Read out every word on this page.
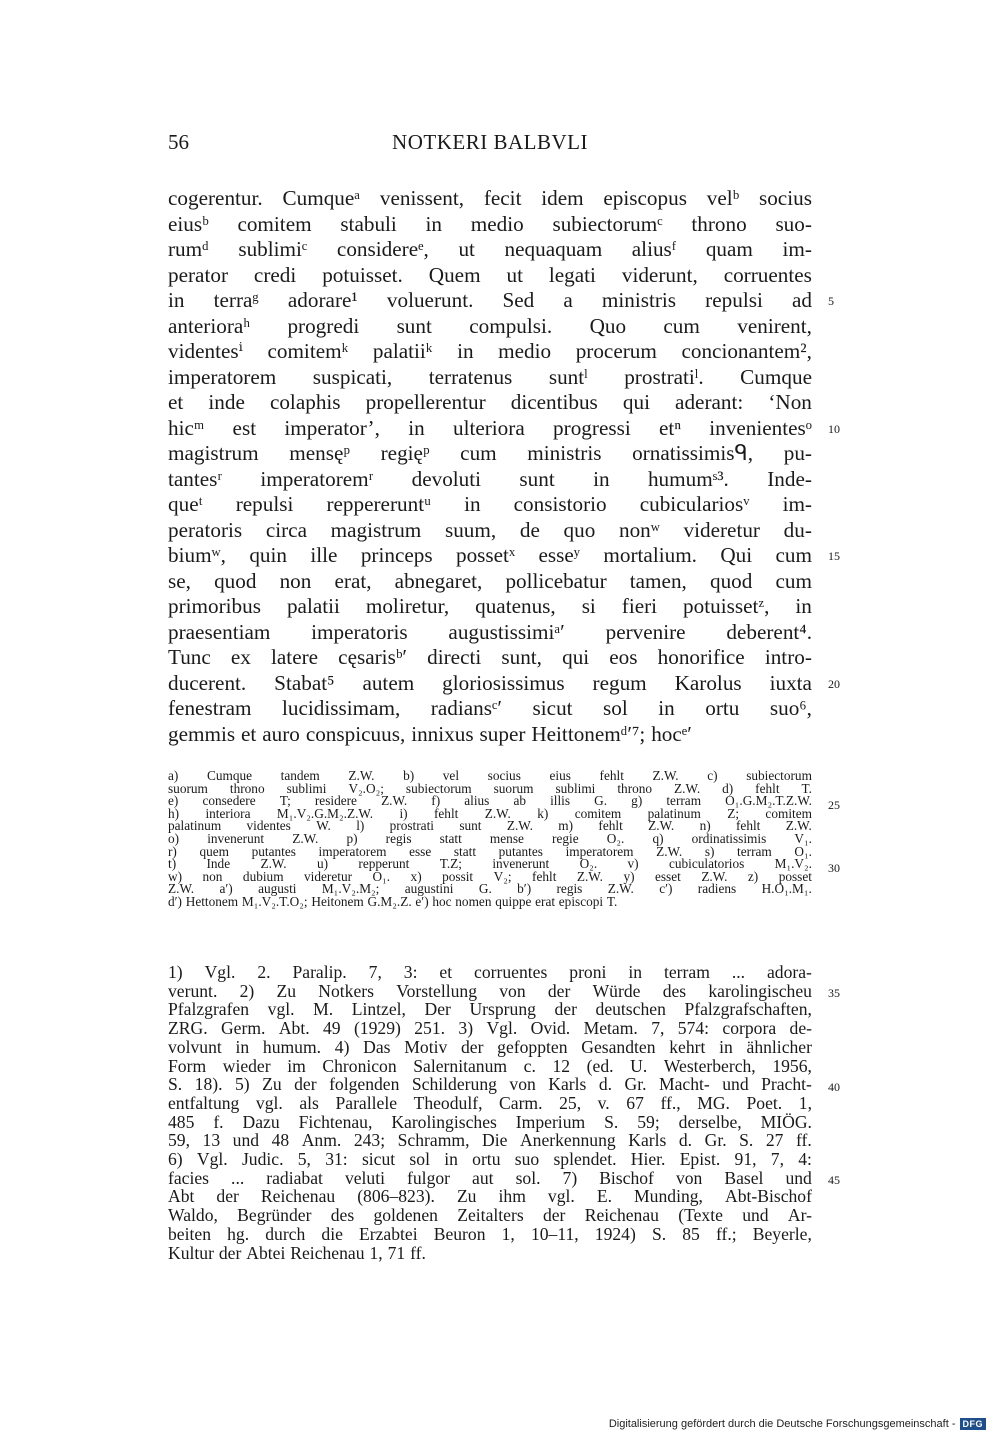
56	NOTKERI BALBVLI
cogerentur. Cumqueᵃ venissent, fecit idem episcopus velᵇ socius
eiusᵇ comitem stabuli in medio subiectorumᶜ throno suo-
rumᵈ sublimiᶜ considereᵉ, ut nequaquam aliusᶠ quam im-
perator credi potuisset. Quem ut legati viderunt, corruentes
in terraᵍ adorare¹ voluerunt. Sed a ministris repulsi ad
anterioraʰ progredi sunt compulsi. Quo cum venirent,
videntesⁱ comitemᵏ palatiiᵏ in medio procerum concionantem²,
imperatorem suspicati, terratenus suntˡ prostratiˡ. Cumque
et inde colaphis propellerentur dicentibus qui aderant: ‘Non
hicᵐ est imperator’, in ulteriora progressi etⁿ invenientesᵒ
magistrum mensęᵖ regięᵖ cum ministris ornatissimisᑫ, pu-
tantesʳ imperatoremʳ devoluti sunt in humumˢ³. Inde-
queᵗ repulsi reppereruntᵘ in consistorio cubiculariosᵛ im-
peratoris circa magistrum suum, de quo nonʷ videretur du-
biumʷ, quin ille princeps possetˣ esseʸ mortalium. Qui cum
se, quod non erat, abnegaret, pollicebatur tamen, quod cum
primoribus palatii moliretur, quatenus, si fieri potuissetᶻ, in
praesentiam imperatoris augustissimiᵃ′ pervenire deberent⁴.
Tunc ex latere cęsarisᵇ′ directi sunt, qui eos honorifice intro-
ducerent. Stabat⁵ autem gloriosissimus regum Karolus iuxta
fenestram lucidissimam, radiansᶜ′ sicut sol in ortu suo⁶,
gemmis et auro conspicuus, innixus super Heittonemᵈ′⁷; hocᵉ′
a) Cumque tandem Z.W. b) vel socius eius fehlt Z.W. c) subiectorum
suorum throno sublimi V₂.O₂; subiectorum suorum sublimi throno Z.W. d) fehlt T.
e) consedere T; residere Z.W. f) alius ab illis G. g) terram O₁.G.M₂.T.Z.W.
h) interiora M₁.V₂.G.M₂.Z.W. i) fehlt Z.W. k) comitem palatinum Z; comitem
palatinum videntes W. l) prostrati sunt Z.W. m) fehlt Z.W. n) fehlt Z.W.
o) invenerunt Z.W. p) regis statt mense regie O₂. q) ordinatissimis V₁.
r) quem putantes imperatorem esse statt putantes imperatorem Z.W. s) terram O₁.
t) Inde Z.W. u) repperunt T.Z; invenerunt O₂. v) cubiculatorios M₁.V₂.
w) non dubium videretur O₁. x) possit V₂; fehlt Z.W. y) esset Z.W. z) posset
Z.W. a′) augusti M₁.V₂.M₂; augustini G. b′) regis Z.W. c′) radiens H.O₁.M₁.
d′) Hettonem M₁.V₂.T.O₂; Heitonem G.M₂.Z. e′) hoc nomen quippe erat episcopi T.
1) Vgl. 2. Paralip. 7, 3: et corruentes proni in terram ... adora-
verunt. 2) Zu Notkers Vorstellung von der Würde des karolingischeu
Pfalzgrafen vgl. M. Lintzel, Der Ursprung der deutschen Pfalzgrafschaften,
ZRG. Germ. Abt. 49 (1929) 251. 3) Vgl. Ovid. Metam. 7, 574: corpora de-
volvunt in humum. 4) Das Motiv der gefoppten Gesandten kehrt in ähnlicher
Form wieder im Chronicon Salernitanum c. 12 (ed. U. Westerberch, 1956,
S. 18). 5) Zu der folgenden Schilderung von Karls d. Gr. Macht- und Pracht-
entfaltung vgl. als Parallele Theodulf, Carm. 25, v. 67 ff., MG. Poet. 1,
485 f. Dazu Fichtenau, Karolingisches Imperium S. 59; derselbe, MIÖG.
59, 13 und 48 Anm. 243; Schramm, Die Anerkennung Karls d. Gr. S. 27 ff.
6) Vgl. Judic. 5, 31: sicut sol in ortu suo splendet. Hier. Epist. 91, 7, 4:
facies ... radiabat veluti fulgor aut sol. 7) Bischof von Basel und
Abt der Reichenau (806–823). Zu ihm vgl. E. Munding, Abt-Bischof
Waldo, Begründer des goldenen Zeitalters der Reichenau (Texte und Ar-
beiten hg. durch die Erzabtei Beuron 1, 10–11, 1924) S. 85 ff.; Beyerle,
Kultur der Abtei Reichenau 1, 71 ff.
5
10
15
20
25
30
35
40
45
Digitalisierung gefördert durch die Deutsche Forschungsgemeinschaft - DFG
